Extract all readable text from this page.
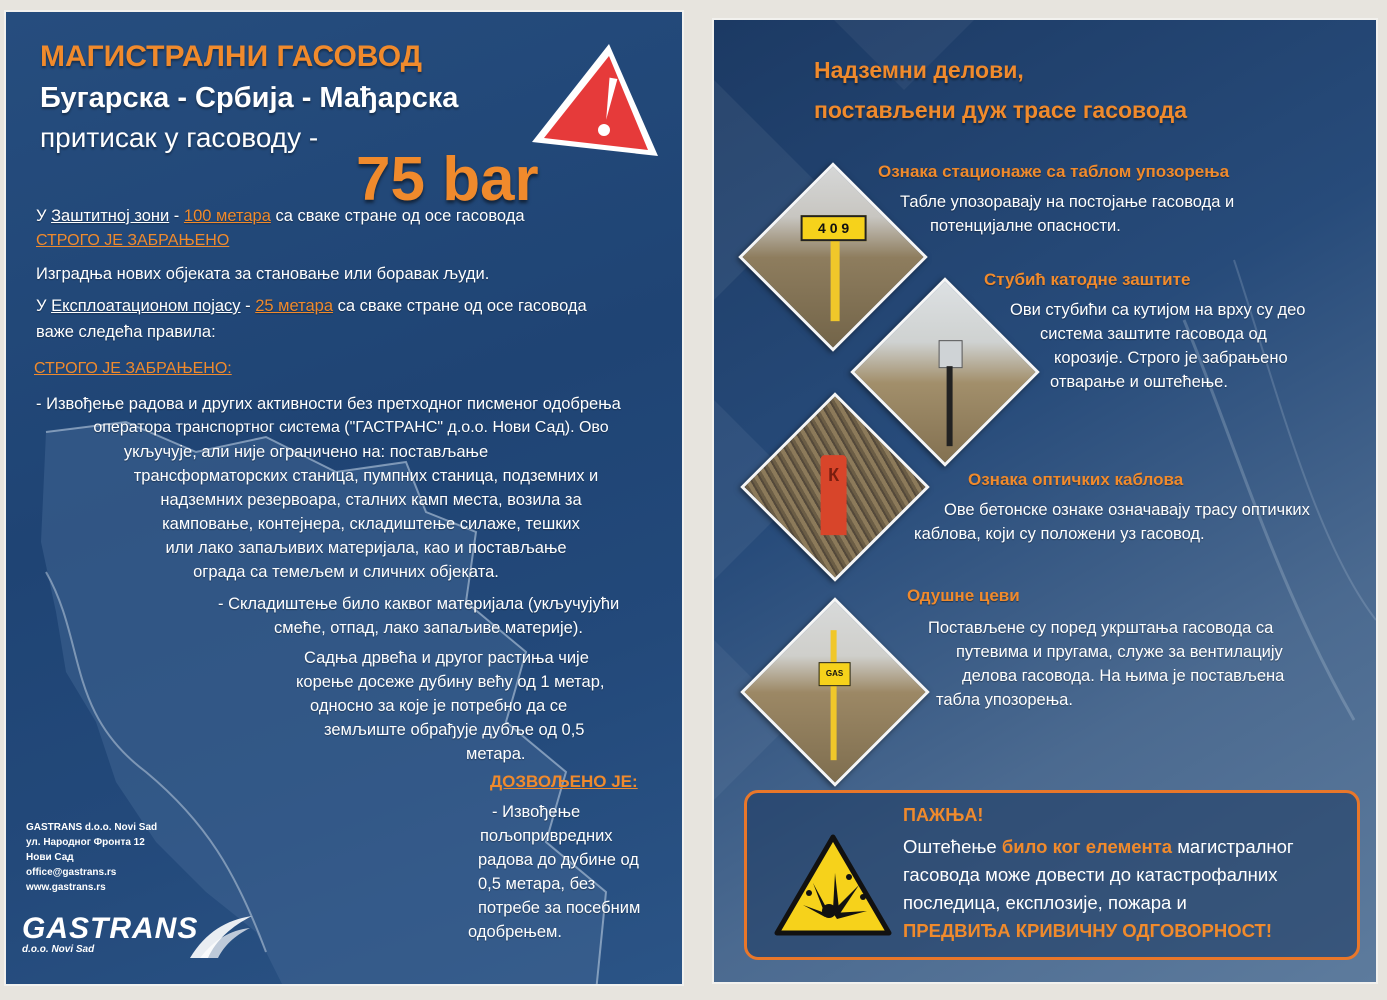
МАГИСТРАЛНИ ГАСОВОД
Бугарска - Србија - Мађарска
притисак у гасоводу -
75 bar
У Заштитној зони - 100 метара са сваке стране од осе гасовода
СТРОГО ЈЕ ЗАБРАЊЕНО
Изградња нових објеката за становање или боравак људи.
У Експлоатационом појасу - 25 метара са сваке стране од осе гасовода
важе следећа правила:
СТРОГО ЈЕ ЗАБРАЊЕНО:
- Извођење радова и других активности без претходног писменог одобрења
оператора транспортног система ("ГАСТРАНС" д.о.о. Нови Сад). Ово
укључује, али није ограничено на: постављање
трансформаторских станица, пумпних станица, подземних и
надземних резервоара, сталних камп места, возила за
камповање, контејнера, складиштење силаже, тешких
или лако запаљивих материјала, као и постављање
ограда са темељем и сличних објеката.
- Складиштење било каквог материјала (укључујући
смеће, отпад, лако запаљиве материје).
Садња дрвећа и другог растиња чије
корење досеже дубину већу од 1 метар,
односно за које је потребно да се
земљиште обрађује дубље од 0,5
метара.
ДОЗВОЉЕНО ЈЕ:
- Извођење
пољопривредних
радова до дубине од
0,5 метара, без
потребе за посебним
одобрењем.
GASTRANS d.o.o. Novi Sad
ул. Народног Фронта 12
Нови Сад
office@gastrans.rs
www.gastrans.rs
GASTRANS
d.o.o. Novi Sad
Надземни делови,
постављени дуж трасе гасовода
4 0 9
К
GAS
Ознака стационаже са таблом упозорења
Табле упозоравају на постојање гасовода и
потенцијалне опасности.
Стубић катодне заштите
Ови стубићи са кутијом на врху су део
система заштите гасовода од
корозије. Строго је забрањено
отварање и оштећење.
Ознака оптичких каблова
Ове бетонске ознаке означавају трасу оптичких
каблова, који су положени уз гасовод.
Одушне цеви
Постављене су поред укрштања гасовода са
путевима и пругама, служе за вентилацију
делова гасовода. На њима је постављена
табла упозорења.
ПАЖЊА!
Оштећење било ког елемента магистралног
гасовода може довести до катастрофалних
последица, експлозије, пожара и
ПРЕДВИЂА КРИВИЧНУ ОДГОВОРНОСТ!
